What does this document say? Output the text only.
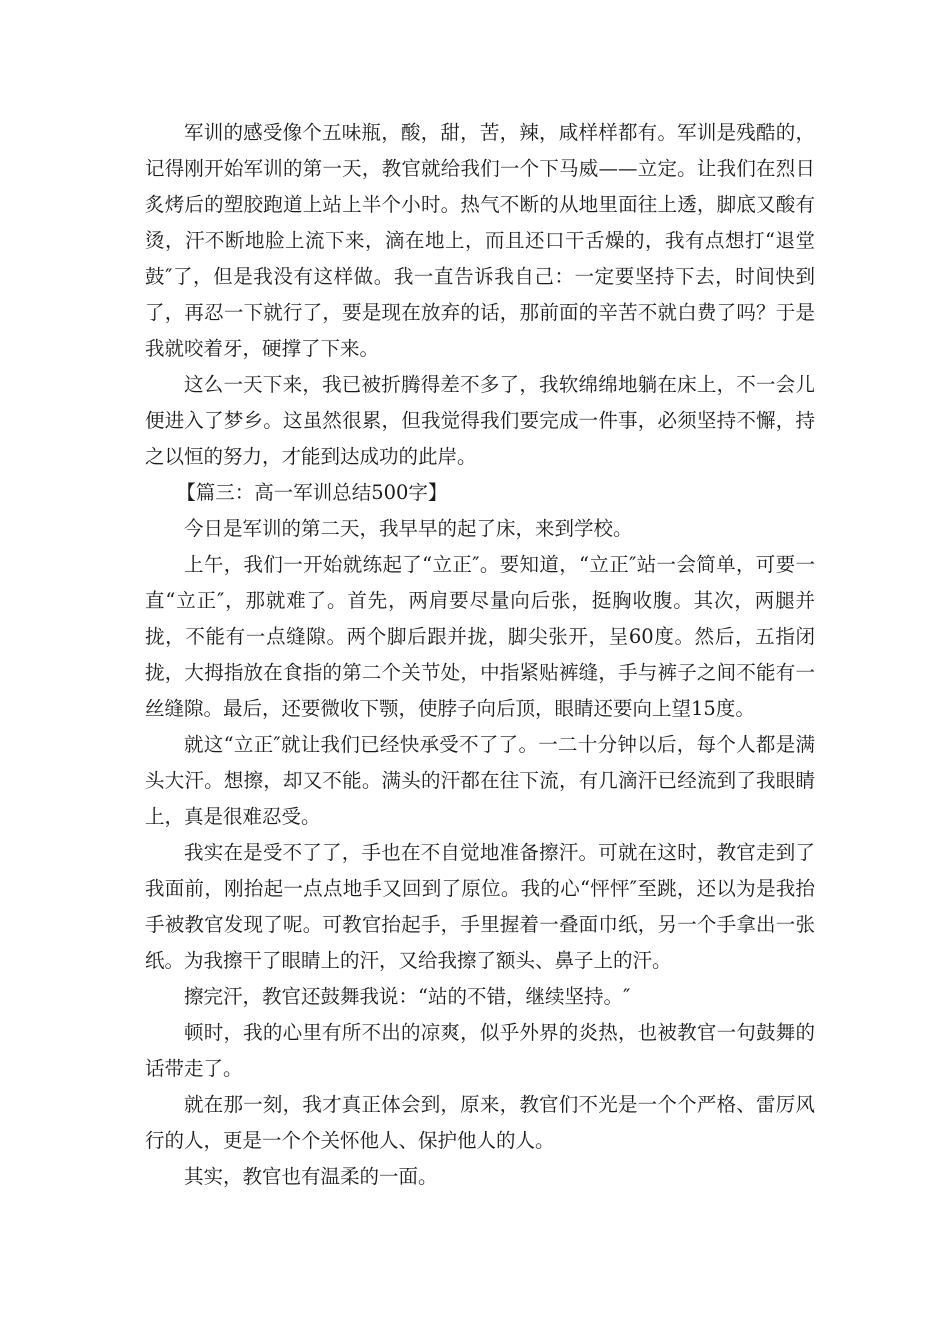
军训的感受像个五味瓶，酸，甜，苦，辣，咸样样都有。军训是残酷的，记得刚开始军训的第一天，教官就给我们一个下马威——立定。让我们在烈日炙烤后的塑胶跑道上站上半个小时。热气不断的从地里面往上透，脚底又酸有烫，汗不断地脸上流下来，滴在地上，而且还口干舌燥的，我有点想打“退堂鼓″了，但是我没有这样做。我一直告诉我自己：一定要坚持下去，时间快到了，再忍一下就行了，要是现在放弃的话，那前面的辛苦不就白费了吗？于是我就咬着牙，硬撑了下来。

这么一天下来，我已被折腾得差不多了，我软绵绵地躺在床上，不一会儿便进入了梦乡。这虽然很累，但我觉得我们要完成一件事，必须坚持不懈，持之以恒的努力，才能到达成功的此岸。

【篇三：高一军训总结500字】

今日是军训的第二天，我早早的起了床，来到学校。

上午，我们一开始就练起了“立正″。要知道，“立正″站一会简单，可要一直“立正″，那就难了。首先，两肩要尽量向后张，挺胸收腹。其次，两腿并拢，不能有一点缝隙。两个脚后跟并拢，脚尖张开，呈60度。然后，五指闭拢，大拇指放在食指的第二个关节处，中指紧贴裤缝，手与裤子之间不能有一丝缝隙。最后，还要微收下颚，使脖子向后顶，眼睛还要向上望15度。

就这“立正″就让我们已经快承受不了了。一二十分钟以后，每个人都是满头大汗。想擦，却又不能。满头的汗都在往下流，有几滴汗已经流到了我眼睛上，真是很难忍受。

我实在是受不了了，手也在不自觉地准备擦汗。可就在这时，教官走到了我面前，刚抬起一点点地手又回到了原位。我的心“怦怦″至跳，还以为是我抬手被教官发现了呢。可教官抬起手，手里握着一叠面巾纸，另一个手拿出一张纸。为我擦干了眼睛上的汗，又给我擦了额头、鼻子上的汗。

擦完汗，教官还鼓舞我说：“站的不错，继续坚持。″

顿时，我的心里有所不出的凉爽，似乎外界的炎热，也被教官一句鼓舞的话带走了。

就在那一刻，我才真正体会到，原来，教官们不光是一个个严格、雷厉风行的人，更是一个个关怀他人、保护他人的人。

其实，教官也有温柔的一面。
